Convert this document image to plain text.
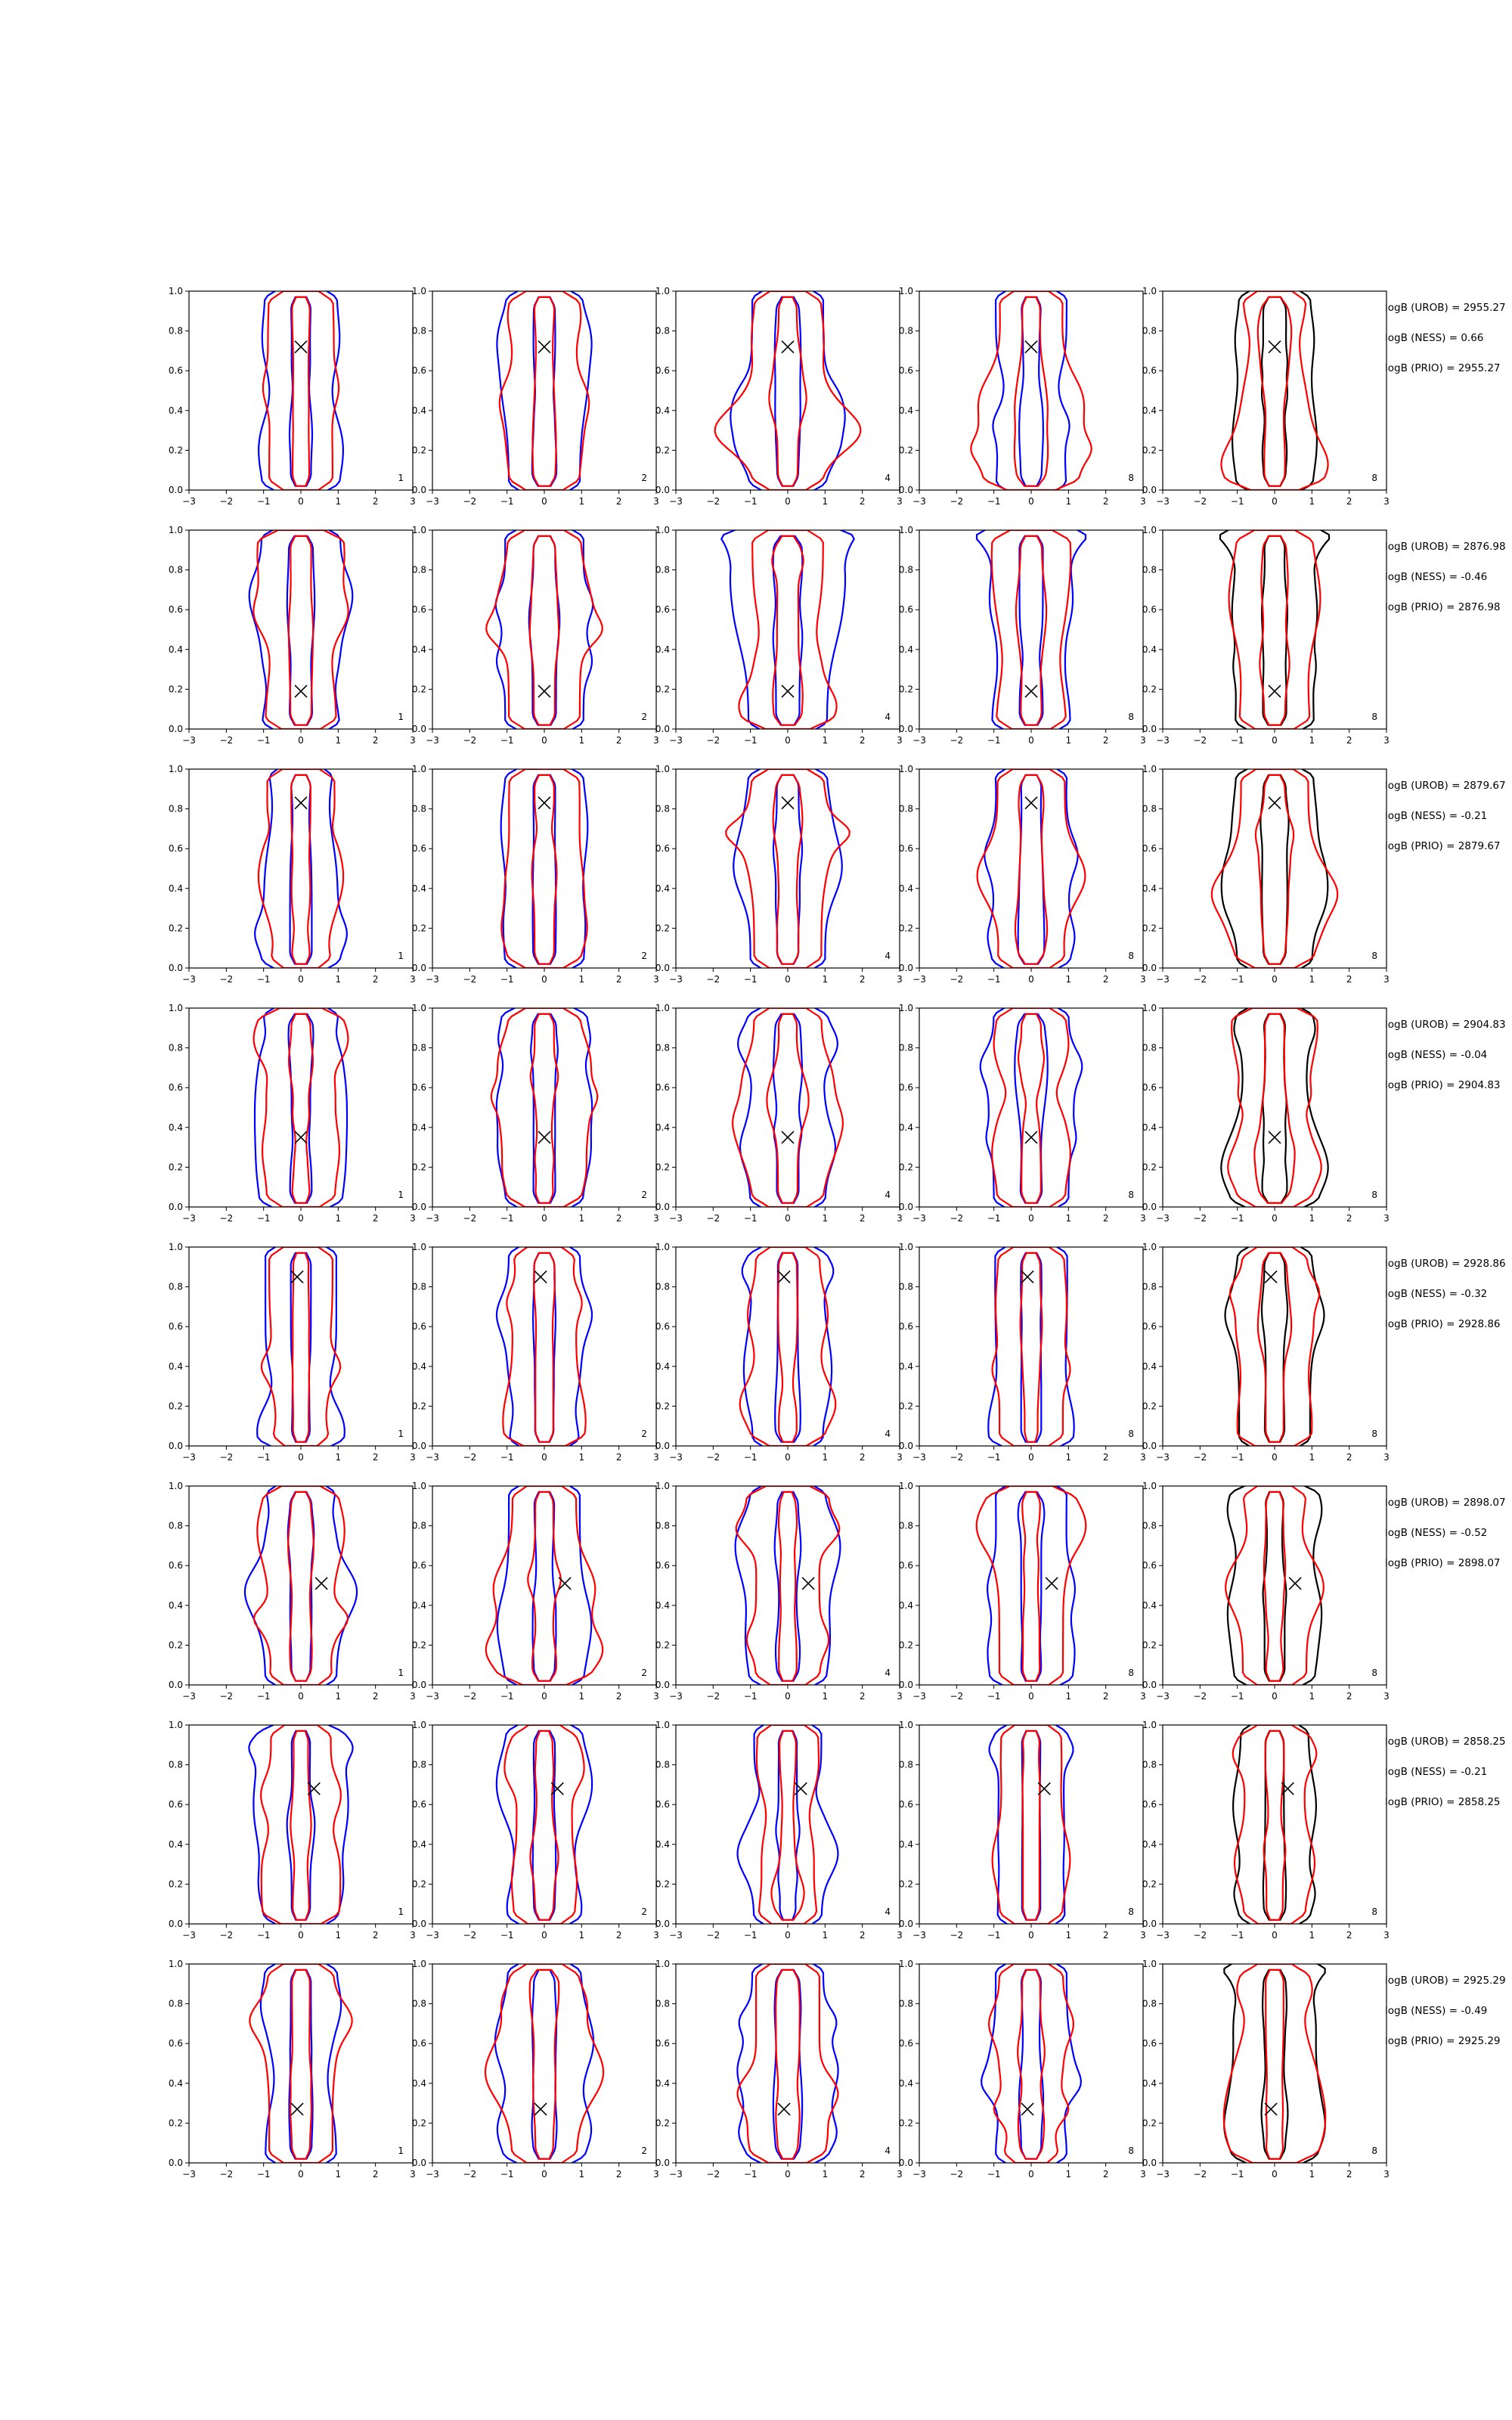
0.0
0.2
0.4
0.6
0.8
1.0
−3	−2	−1	0	1	2	3
1
0.0
0.2
0.4
0.6
0.8
1.0
−3	−2	−1	0	1	2	3
2
0.0
0.2
0.4
0.6
0.8
1.0
−3	−2	−1	0	1	2	3
4
0.0
0.2
0.4
0.6
0.8
1.0
−3	−2	−1	0	1	2	3
8
0.0
0.2
0.4
0.6
0.8
1.0
−3	−2	−1	0	1	2	3
8
logB (UROB) = 2955.27
logB (NESS) = 0.66
logB (PRIO) = 2955.27
0.0
0.2
0.4
0.6
0.8
1.0
−3	−2	−1	0	1	2	3
1
0.0
0.2
0.4
0.6
0.8
1.0
−3	−2	−1	0	1	2	3
2
0.0
0.2
0.4
0.6
0.8
1.0
−3	−2	−1	0	1	2	3
4
0.0
0.2
0.4
0.6
0.8
1.0
−3	−2	−1	0	1	2	3
8
0.0
0.2
0.4
0.6
0.8
1.0
−3	−2	−1	0	1	2	3
8
logB (UROB) = 2876.98
logB (NESS) = -0.46
logB (PRIO) = 2876.98
0.0
0.2
0.4
0.6
0.8
1.0
−3	−2	−1	0	1	2	3
1
0.0
0.2
0.4
0.6
0.8
1.0
−3	−2	−1	0	1	2	3
2
0.0
0.2
0.4
0.6
0.8
1.0
−3	−2	−1	0	1	2	3
4
0.0
0.2
0.4
0.6
0.8
1.0
−3	−2	−1	0	1	2	3
8
0.0
0.2
0.4
0.6
0.8
1.0
−3	−2	−1	0	1	2	3
8
logB (UROB) = 2879.67
logB (NESS) = -0.21
logB (PRIO) = 2879.67
0.0
0.2
0.4
0.6
0.8
1.0
−3	−2	−1	0	1	2	3
1
0.0
0.2
0.4
0.6
0.8
1.0
−3	−2	−1	0	1	2	3
2
0.0
0.2
0.4
0.6
0.8
1.0
−3	−2	−1	0	1	2	3
4
0.0
0.2
0.4
0.6
0.8
1.0
−3	−2	−1	0	1	2	3
8
0.0
0.2
0.4
0.6
0.8
1.0
−3	−2	−1	0	1	2	3
8
logB (UROB) = 2904.83
logB (NESS) = -0.04
logB (PRIO) = 2904.83
0.0
0.2
0.4
0.6
0.8
1.0
−3	−2	−1	0	1	2	3
1
0.0
0.2
0.4
0.6
0.8
1.0
−3	−2	−1	0	1	2	3
2
0.0
0.2
0.4
0.6
0.8
1.0
−3	−2	−1	0	1	2	3
4
0.0
0.2
0.4
0.6
0.8
1.0
−3	−2	−1	0	1	2	3
8
0.0
0.2
0.4
0.6
0.8
1.0
−3	−2	−1	0	1	2	3
8
logB (UROB) = 2928.86
logB (NESS) = -0.32
logB (PRIO) = 2928.86
0.0
0.2
0.4
0.6
0.8
1.0
−3	−2	−1	0	1	2	3
1
0.0
0.2
0.4
0.6
0.8
1.0
−3	−2	−1	0	1	2	3
2
0.0
0.2
0.4
0.6
0.8
1.0
−3	−2	−1	0	1	2	3
4
0.0
0.2
0.4
0.6
0.8
1.0
−3	−2	−1	0	1	2	3
8
0.0
0.2
0.4
0.6
0.8
1.0
−3	−2	−1	0	1	2	3
8
logB (UROB) = 2898.07
logB (NESS) = -0.52
logB (PRIO) = 2898.07
0.0
0.2
0.4
0.6
0.8
1.0
−3	−2	−1	0	1	2	3
1
0.0
0.2
0.4
0.6
0.8
1.0
−3	−2	−1	0	1	2	3
2
0.0
0.2
0.4
0.6
0.8
1.0
−3	−2	−1	0	1	2	3
4
0.0
0.2
0.4
0.6
0.8
1.0
−3	−2	−1	0	1	2	3
8
0.0
0.2
0.4
0.6
0.8
1.0
−3	−2	−1	0	1	2	3
8
logB (UROB) = 2858.25
logB (NESS) = -0.21
logB (PRIO) = 2858.25
0.0
0.2
0.4
0.6
0.8
1.0
−3	−2	−1	0	1	2	3
1
0.0
0.2
0.4
0.6
0.8
1.0
−3	−2	−1	0	1	2	3
2
0.0
0.2
0.4
0.6
0.8
1.0
−3	−2	−1	0	1	2	3
4
0.0
0.2
0.4
0.6
0.8
1.0
−3	−2	−1	0	1	2	3
8
0.0
0.2
0.4
0.6
0.8
1.0
−3	−2	−1	0	1	2	3
8
logB (UROB) = 2925.29
logB (NESS) = -0.49
logB (PRIO) = 2925.29
